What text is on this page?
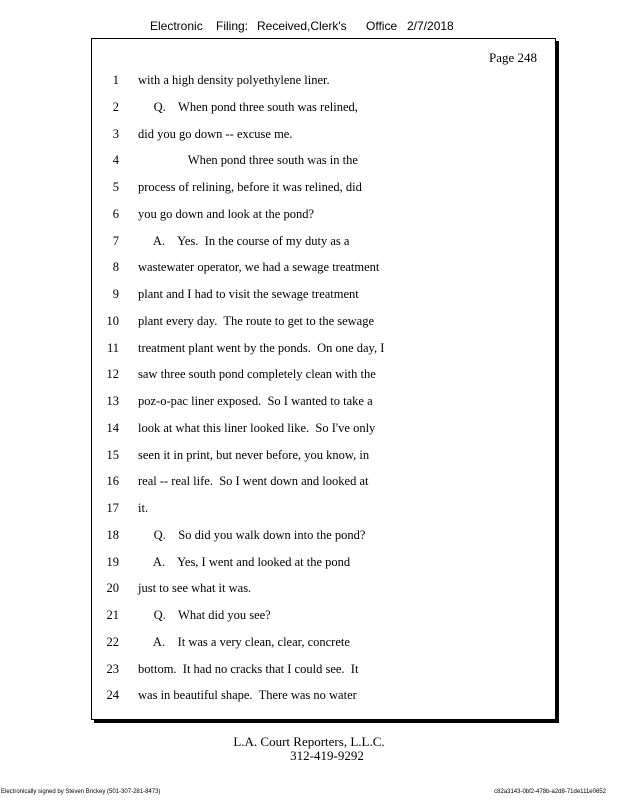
Electronic Filing: Received,Clerk's Office 2/7/2018
Page 248
1 with a high density polyethylene liner.
2 Q.    When pond three south was relined,
3 did you go down -- excuse me.
4 When pond three south was in the
5 process of relining, before it was relined, did
6 you go down and look at the pond?
7 A.    Yes.  In the course of my duty as a
8 wastewater operator, we had a sewage treatment
9 plant and I had to visit the sewage treatment
10 plant every day.  The route to get to the sewage
11 treatment plant went by the ponds.  On one day, I
12 saw three south pond completely clean with the
13 poz-o-pac liner exposed.  So I wanted to take a
14 look at what this liner looked like.  So I've only
15 seen it in print, but never before, you know, in
16 real -- real life.  So I went down and looked at
17 it.
18 Q.    So did you walk down into the pond?
19 A.    Yes, I went and looked at the pond
20 just to see what it was.
21 Q.    What did you see?
22 A.    It was a very clean, clear, concrete
23 bottom.  It had no cracks that I could see.  It
24 was in beautiful shape.  There was no water
L.A. Court Reporters, L.L.C.
312-419-9292
Electronically signed by Steven Brickey (501-307-281-8473)	c82a3143-0bf2-478b-a2d8-71de111e0652
